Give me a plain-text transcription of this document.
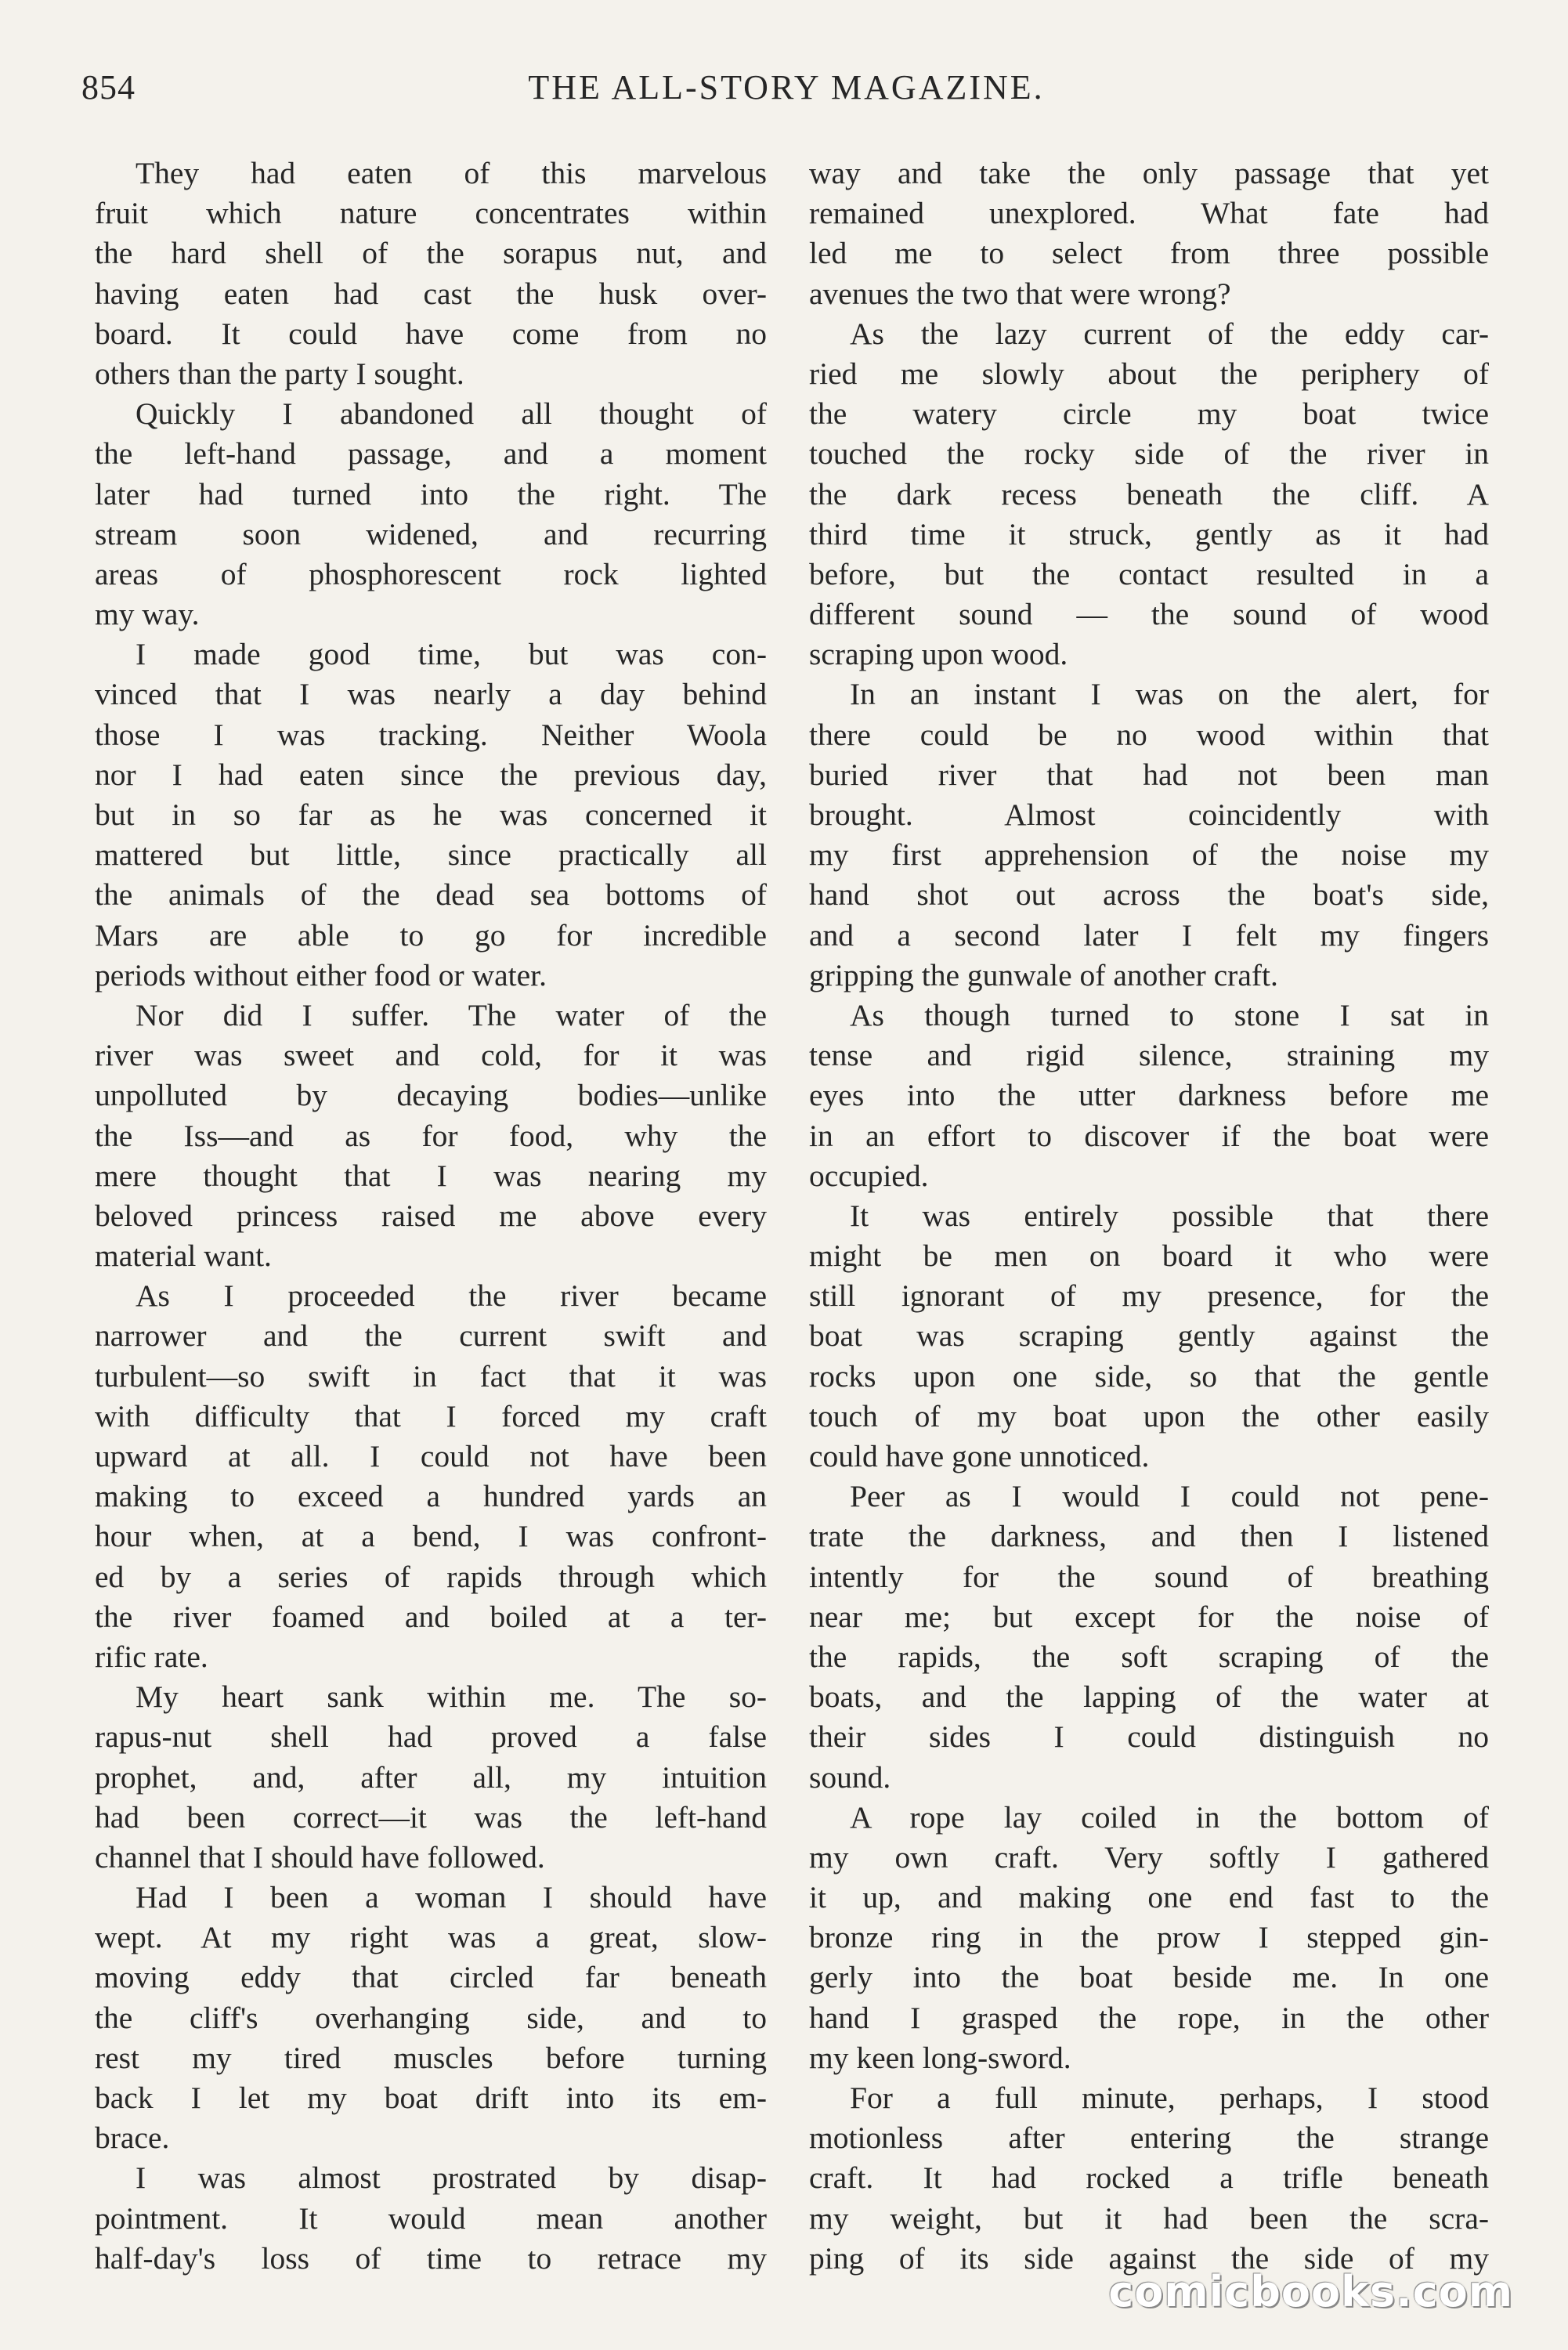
854	THE ALL-STORY MAGAZINE.
They had eaten of this marvelous
fruit which nature concentrates within
the hard shell of the sorapus nut, and
having eaten had cast the husk over-
board. It could have come from no
others than the party I sought.
Quickly I abandoned all thought of
the left-hand passage, and a moment
later had turned into the right. The
stream soon widened, and recurring
areas of phosphorescent rock lighted
my way.
I made good time, but was con-
vinced that I was nearly a day behind
those I was tracking. Neither Woola
nor I had eaten since the previous day,
but in so far as he was concerned it
mattered but little, since practically all
the animals of the dead sea bottoms of
Mars are able to go for incredible
periods without either food or water.
Nor did I suffer. The water of the
river was sweet and cold, for it was
unpolluted by decaying bodies—unlike
the Iss—and as for food, why the
mere thought that I was nearing my
beloved princess raised me above every
material want.
As I proceeded the river became
narrower and the current swift and
turbulent—so swift in fact that it was
with difficulty that I forced my craft
upward at all. I could not have been
making to exceed a hundred yards an
hour when, at a bend, I was confront-
ed by a series of rapids through which
the river foamed and boiled at a ter-
rific rate.
My heart sank within me. The so-
rapus-nut shell had proved a false
prophet, and, after all, my intuition
had been correct—it was the left-hand
channel that I should have followed.
Had I been a woman I should have
wept. At my right was a great, slow-
moving eddy that circled far beneath
the cliff's overhanging side, and to
rest my tired muscles before turning
back I let my boat drift into its em-
brace.
I was almost prostrated by disap-
pointment. It would mean another
half-day's loss of time to retrace my
way and take the only passage that yet
remained unexplored. What fate had
led me to select from three possible
avenues the two that were wrong?
As the lazy current of the eddy car-
ried me slowly about the periphery of
the watery circle my boat twice
touched the rocky side of the river in
the dark recess beneath the cliff. A
third time it struck, gently as it had
before, but the contact resulted in a
different sound — the sound of wood
scraping upon wood.
In an instant I was on the alert, for
there could be no wood within that
buried river that had not been man
brought. Almost coincidently with
my first apprehension of the noise my
hand shot out across the boat's side,
and a second later I felt my fingers
gripping the gunwale of another craft.
As though turned to stone I sat in
tense and rigid silence, straining my
eyes into the utter darkness before me
in an effort to discover if the boat were
occupied.
It was entirely possible that there
might be men on board it who were
still ignorant of my presence, for the
boat was scraping gently against the
rocks upon one side, so that the gentle
touch of my boat upon the other easily
could have gone unnoticed.
Peer as I would I could not pene-
trate the darkness, and then I listened
intently for the sound of breathing
near me; but except for the noise of
the rapids, the soft scraping of the
boats, and the lapping of the water at
their sides I could distinguish no
sound.
A rope lay coiled in the bottom of
my own craft. Very softly I gathered
it up, and making one end fast to the
bronze ring in the prow I stepped gin-
gerly into the boat beside me. In one
hand I grasped the rope, in the other
my keen long-sword.
For a full minute, perhaps, I stood
motionless after entering the strange
craft. It had rocked a trifle beneath
my weight, but it had been the scra-
ping of its side against the side of my
comicbooks.com
